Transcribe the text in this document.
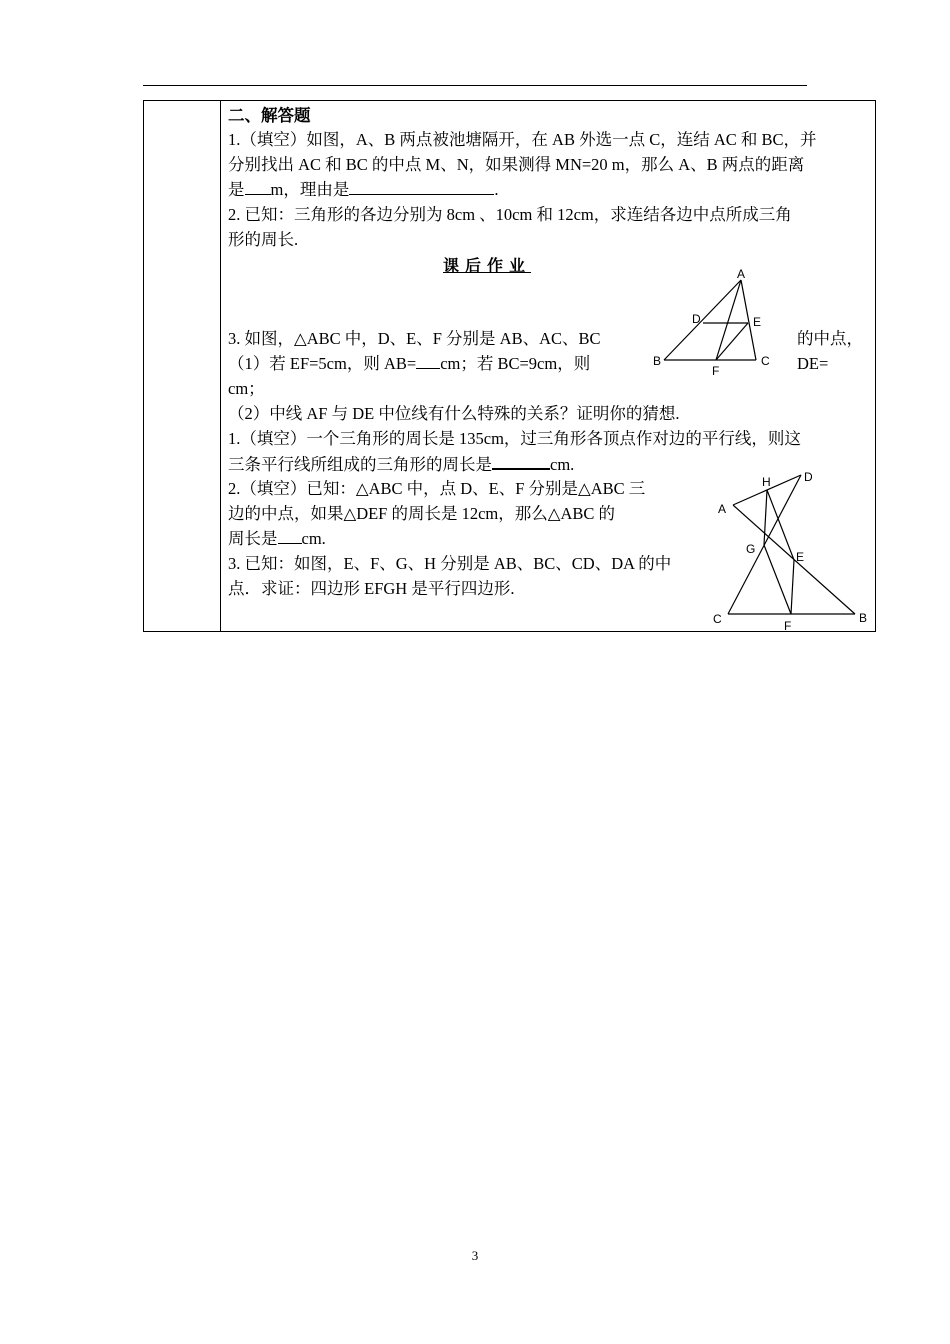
二、解答题
1.（填空）如图，A、B 两点被池塘隔开，在 AB 外选一点 C，连结 AC 和 BC，并
分别找出 AC 和 BC 的中点 M、N，如果测得 MN=20 m，那么 A、B 两点的距离
是 m，理由是	.
2. 已知：三角形的各边分别为 8cm 、10cm 和 12cm，求连结各边中点所成三角
形的周长.
课后作业	A
D	E
B	C
F
3. 如图，△ABC 中，D、E、F 分别是 AB、AC、BC	的中点，
（1）若 EF=5cm，则 AB= cm；若 BC=9cm，则	DE=
cm；
（2）中线 AF 与 DE 中位线有什么特殊的关系？证明你的猜想.
1.（填空）一个三角形的周长是 135cm，过三角形各顶点作对边的平行线，则这
三条平行线所组成的三角形的周长是	cm.
H	D
A
G
E
C	F
B
2.（填空）已知：△ABC 中，点 D、E、F 分别是△ABC 三
边的中点，如果△DEF 的周长是 12cm，那么△ABC 的
周长是 cm.
3. 已知：如图，E、F、G、H 分别是 AB、BC、CD、DA 的中
点．求证：四边形 EFGH 是平行四边形.
3
